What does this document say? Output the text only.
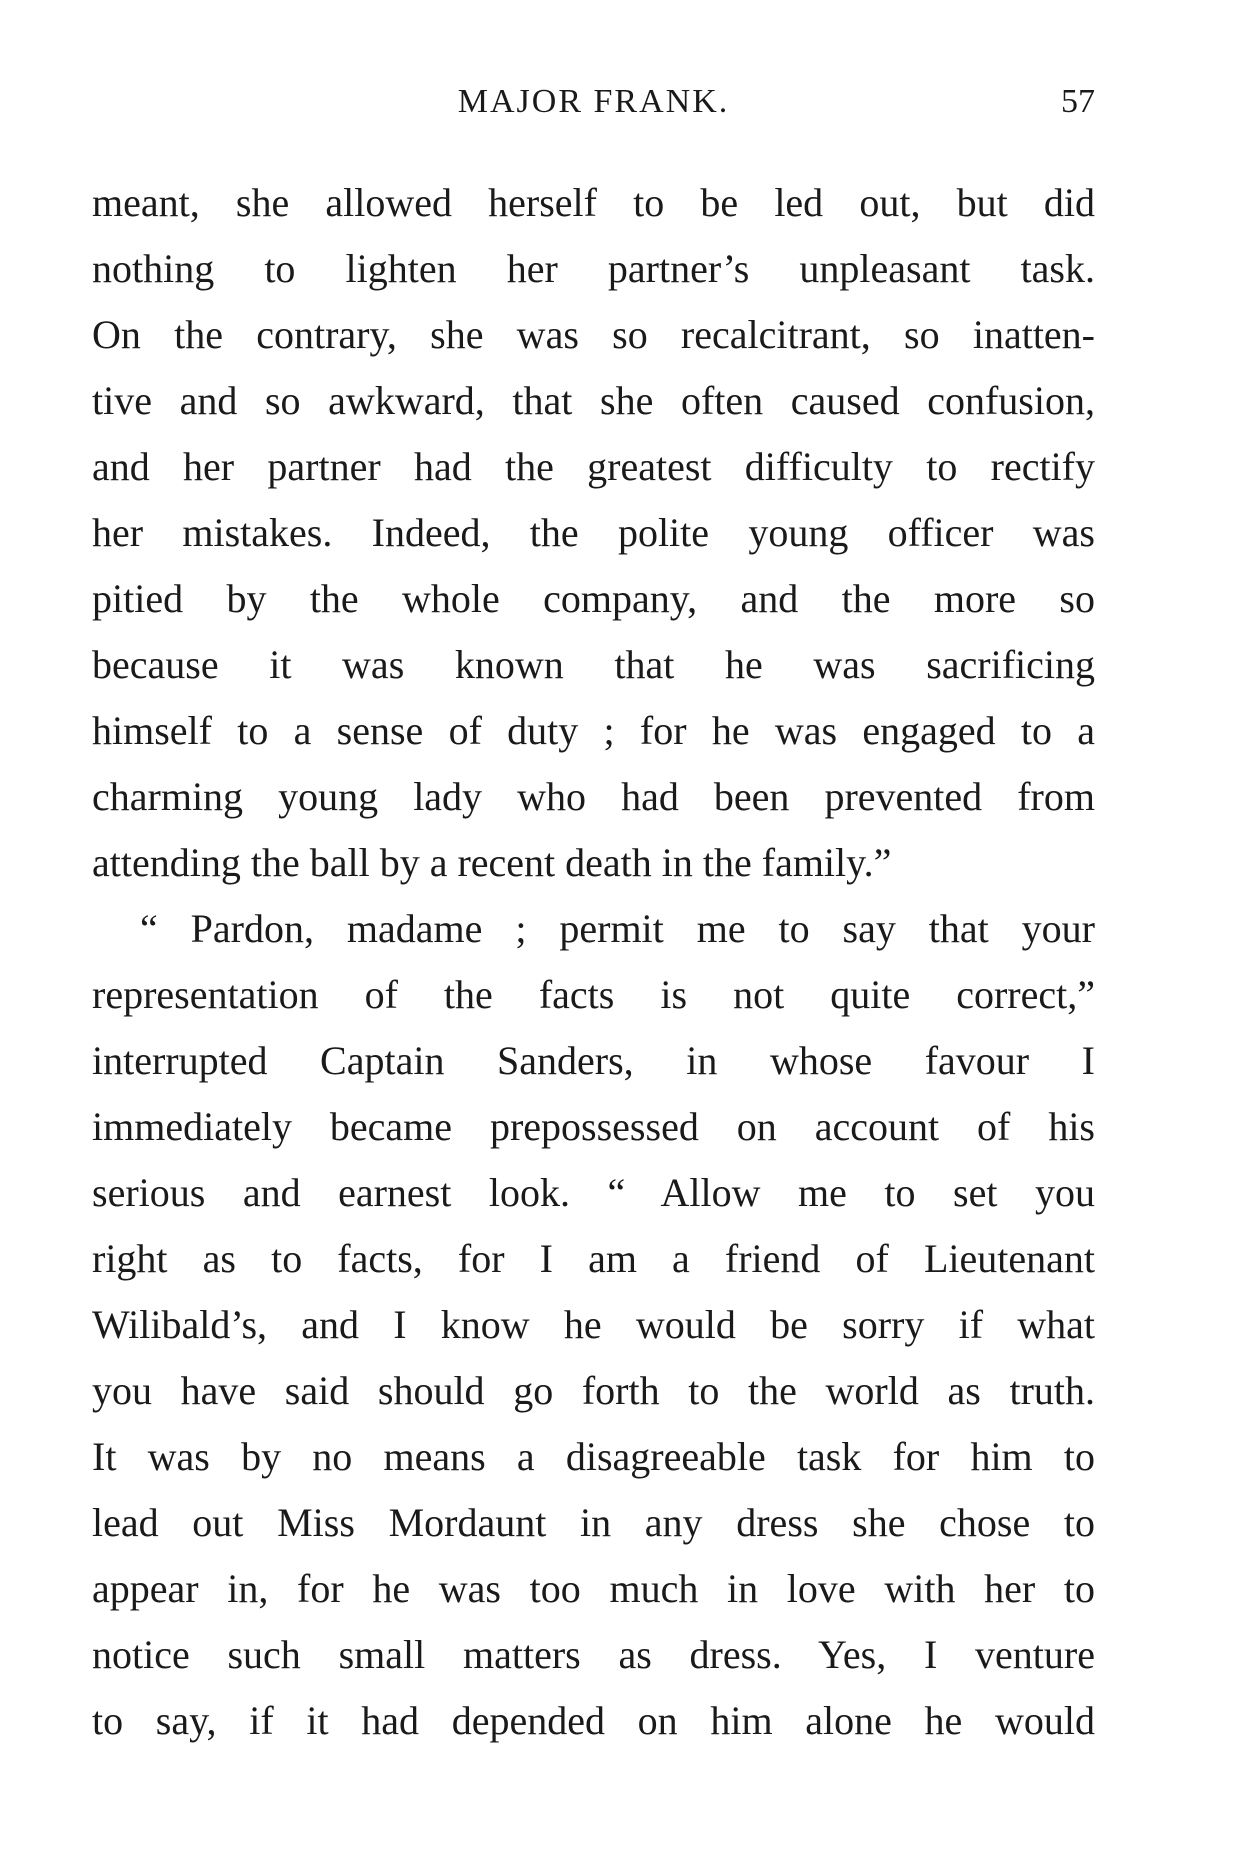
MAJOR FRANK.	57
meant, she allowed herself to be led out, but did
nothing to lighten her partner’s unpleasant task.
On the contrary, she was so recalcitrant, so inatten-
tive and so awkward, that she often caused confusion,
and her partner had the greatest difficulty to rectify
her mistakes. Indeed, the polite young officer was
pitied by the whole company, and the more so
because it was known that he was sacrificing
himself to a sense of duty ; for he was engaged to a
charming young lady who had been prevented from
attending the ball by a recent death in the family.”
“ Pardon, madame ; permit me to say that your
representation of the facts is not quite correct,”
interrupted Captain Sanders, in whose favour I
immediately became prepossessed on account of his
serious and earnest look. “ Allow me to set you
right as to facts, for I am a friend of Lieutenant
Wilibald’s, and I know he would be sorry if what
you have said should go forth to the world as truth.
It was by no means a disagreeable task for him to
lead out Miss Mordaunt in any dress she chose to
appear in, for he was too much in love with her to
notice such small matters as dress. Yes, I venture
to say, if it had depended on him alone he would
